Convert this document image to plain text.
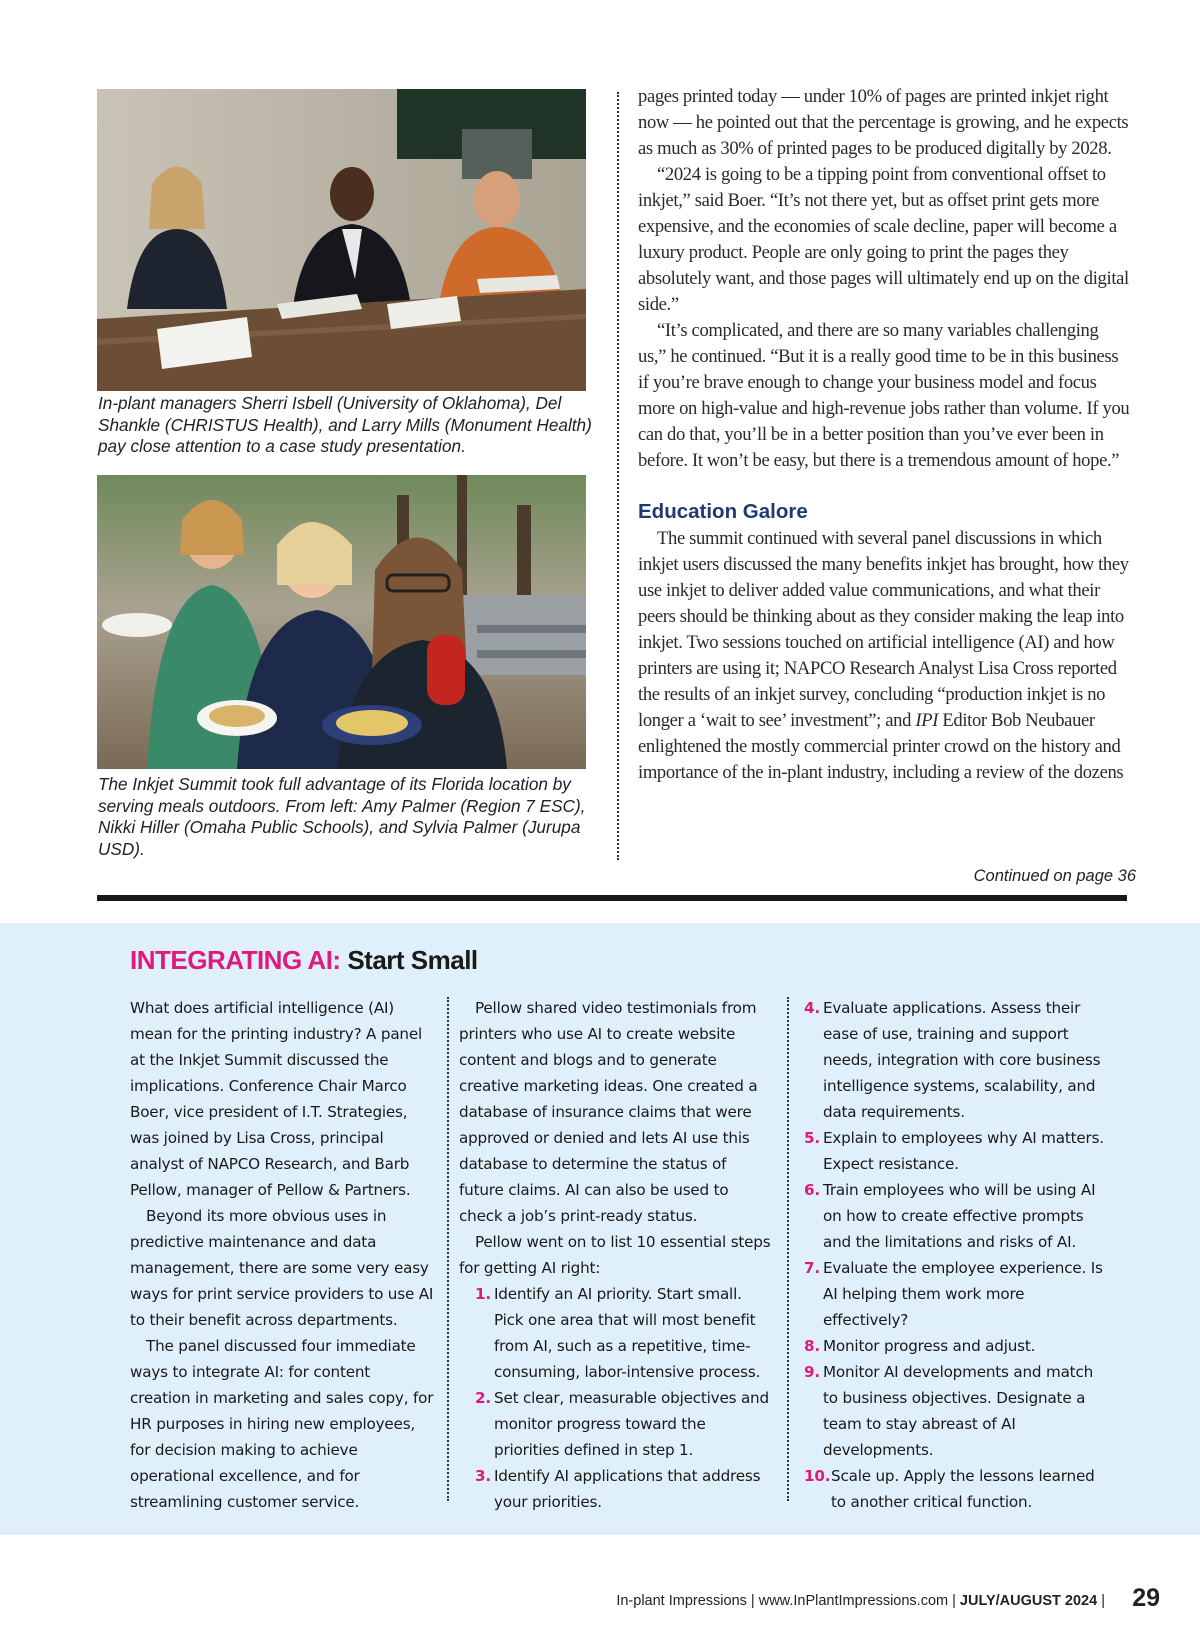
In-plant managers Sherri Isbell (University of Oklahoma), Del Shankle (CHRISTUS Health), and Larry Mills (Monument Health) pay close attention to a case study presentation.
The Inkjet Summit took full advantage of its Florida location by serving meals outdoors. From left: Amy Palmer (Region 7 ESC), Nikki Hiller (Omaha Public Schools), and Sylvia Palmer (Jurupa USD).

pages printed today — under 10% of pages are printed inkjet right now — he pointed out that the percentage is growing, and he expects as much as 30% of printed pages to be produced digitally by 2028.

“2024 is going to be a tipping point from conventional offset to inkjet,” said Boer. “It’s not there yet, but as offset print gets more expensive, and the economies of scale decline, paper will become a luxury product. People are only going to print the pages they absolutely want, and those pages will ultimately end up on the digital side.”

“It’s complicated, and there are so many variables challenging us,” he continued. “But it is a really good time to be in this business if you’re brave enough to change your business model and focus more on high-value and high-revenue jobs rather than volume. If you can do that, you’ll be in a better position than you’ve ever been in before. It won’t be easy, but there is a tremendous amount of hope.”

Education Galore

The summit continued with several panel discussions in which inkjet users discussed the many benefits inkjet has brought, how they use inkjet to deliver added value communications, and what their peers should be thinking about as they consider making the leap into inkjet. Two sessions touched on artificial intelligence (AI) and how printers are using it; NAPCO Research Analyst Lisa Cross reported the results of an inkjet survey, concluding “production inkjet is no longer a ‘wait to see’ investment”; and IPI Editor Bob Neubauer enlightened the mostly commercial printer crowd on the history and importance of the in-plant industry, including a review of the dozens

Continued on page 36
INTEGRATING AI: Start Small

What does artificial intelligence (AI) mean for the printing industry? A panel at the Inkjet Summit discussed the implications. Conference Chair Marco Boer, vice president of I.T. Strategies, was joined by Lisa Cross, principal analyst of NAPCO Research, and Barb Pellow, manager of Pellow & Partners.

Beyond its more obvious uses in predictive maintenance and data management, there are some very easy ways for print service providers to use AI to their benefit across departments.

The panel discussed four immediate ways to integrate AI: for content creation in marketing and sales copy, for HR purposes in hiring new employees, for decision making to achieve operational excellence, and for streamlining customer service.

Pellow shared video testimonials from printers who use AI to create website content and blogs and to generate creative marketing ideas. One created a database of insurance claims that were approved or denied and lets AI use this database to determine the status of future claims. AI can also be used to check a job’s print-ready status.

Pellow went on to list 10 essential steps for getting AI right:

1. Identify an AI priority. Start small. Pick one area that will most benefit from AI, such as a repetitive, time-consuming, labor-intensive process.
2. Set clear, measurable objectives and monitor progress toward the priorities defined in step 1.
3. Identify AI applications that address your priorities.
4. Evaluate applications. Assess their ease of use, training and support needs, integration with core business intelligence systems, scalability, and data requirements.
5. Explain to employees why AI matters. Expect resistance.
6. Train employees who will be using AI on how to create effective prompts and the limitations and risks of AI.
7. Evaluate the employee experience. Is AI helping them work more effectively?
8. Monitor progress and adjust.
9. Monitor AI developments and match to business objectives. Designate a team to stay abreast of AI developments.
10. Scale up. Apply the lessons learned to another critical function.
In-plant Impressions | www.InPlantImpressions.com | JULY/AUGUST 2024 | 29
